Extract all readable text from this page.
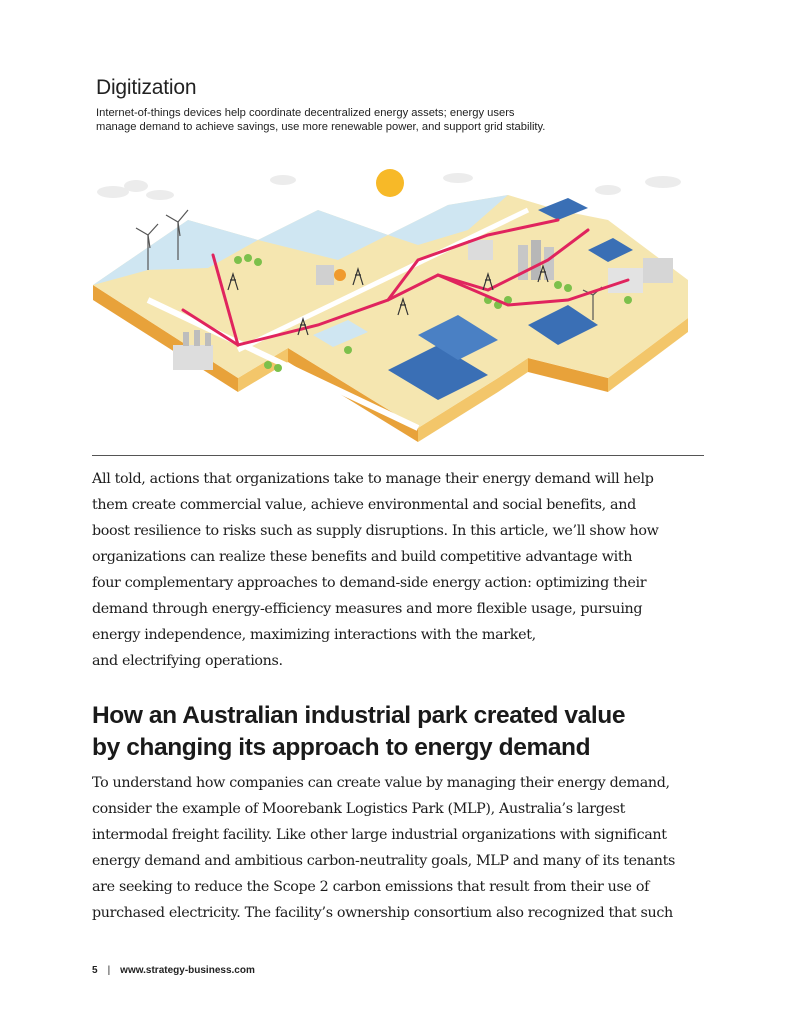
Digitization

Internet-of-things devices help coordinate decentralized energy assets; energy users
manage demand to achieve savings, use more renewable power, and support grid stability.

All told, actions that organizations take to manage their energy demand will help
them create commercial value, achieve environmental and social benefits, and
boost resilience to risks such as supply disruptions. In this article, we’ll show how
organizations can realize these benefits and build competitive advantage with
four complementary approaches to demand-side energy action: optimizing their
demand through energy-efficiency measures and more flexible usage, pursuing
energy independence, maximizing interactions with the market,
and electrifying operations.

How an Australian industrial park created value
by changing its approach to energy demand

To understand how companies can create value by managing their energy demand,
consider the example of Moorebank Logistics Park (MLP), Australia’s largest
intermodal freight facility. Like other large industrial organizations with significant
energy demand and ambitious carbon-neutrality goals, MLP and many of its tenants
are seeking to reduce the Scope 2 carbon emissions that result from their use of
purchased electricity. The facility’s ownership consortium also recognized that such

5 | www.strategy-business.com
